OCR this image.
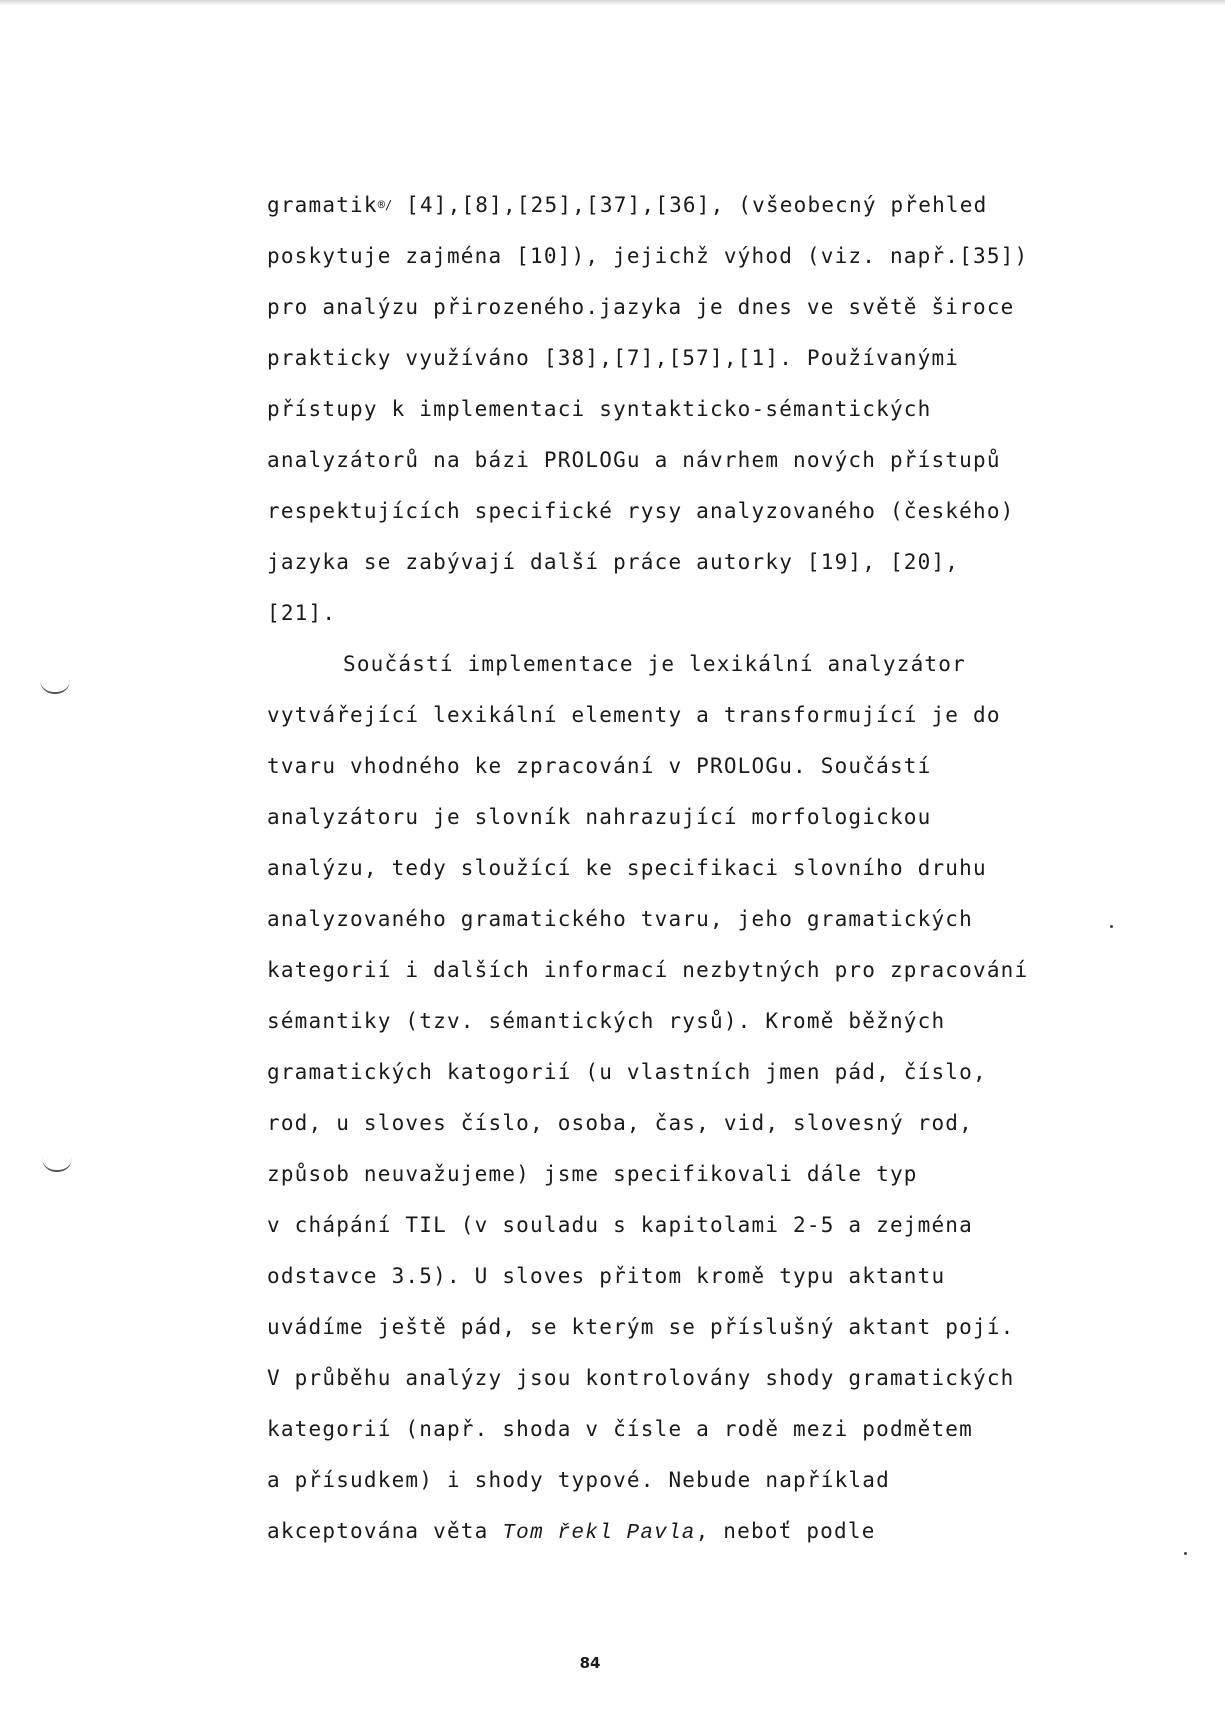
gramatik®/ [4],[8],[25],[37],[36], (všeobecný přehled
poskytuje zajména [10]), jejichž výhod (viz. např.[35])
pro analýzu přirozeného.jazyka je dnes ve světě široce
prakticky využíváno [38],[7],[57],[1]. Používanými
přístupy k implementaci syntakticko-sémantických
analyzátorů na bázi PROLOGu a návrhem nových přístupů
respektujících specifické rysy analyzovaného (českého)
jazyka se zabývají další práce autorky [19], [20],
[21].
Součástí implementace je lexikální analyzátor
vytvářející lexikální elementy a transformující je do
tvaru vhodného ke zpracování v PROLOGu. Součástí
analyzátoru je slovník nahrazující morfologickou
analýzu, tedy sloužící ke specifikaci slovního druhu
analyzovaného gramatického tvaru, jeho gramatických
kategorií i dalších informací nezbytných pro zpracování
sémantiky (tzv. sémantických rysů). Kromě běžných
gramatických katogorií (u vlastních jmen pád, číslo,
rod, u sloves číslo, osoba, čas, vid, slovesný rod,
způsob neuvažujeme) jsme specifikovali dále typ
v chápání TIL (v souladu s kapitolami 2-5 a zejména
odstavce 3.5). U sloves přitom kromě typu aktantu
uvádíme ještě pád, se kterým se příslušný aktant pojí.
V průběhu analýzy jsou kontrolovány shody gramatických
kategorií (např. shoda v čísle a rodě mezi podmětem
a přísudkem) i shody typové. Nebude například
akceptována věta Tom řekl Pavla, neboť podle
84
